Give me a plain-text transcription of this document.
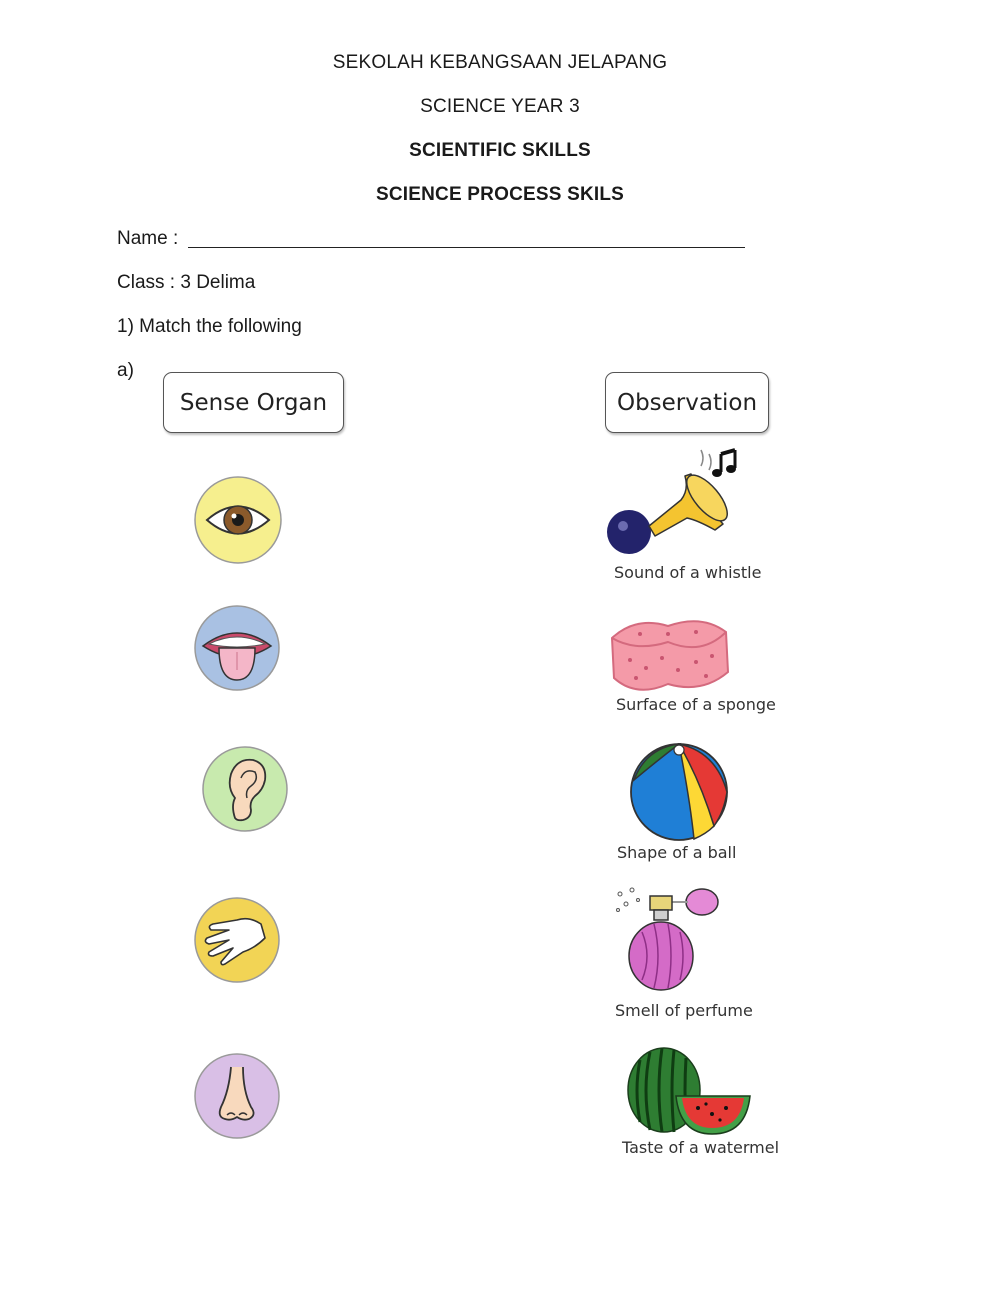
SEKOLAH KEBANGSAAN JELAPANG
SCIENCE YEAR 3
SCIENTIFIC SKILLS
SCIENCE PROCESS SKILS
Name :
Class : 3 Delima
1) Match the following
a)
Sense Organ	Observation
Sound of a whistle
Surface of a sponge
Shape of a ball
Smell of perfume
Taste of a watermel
